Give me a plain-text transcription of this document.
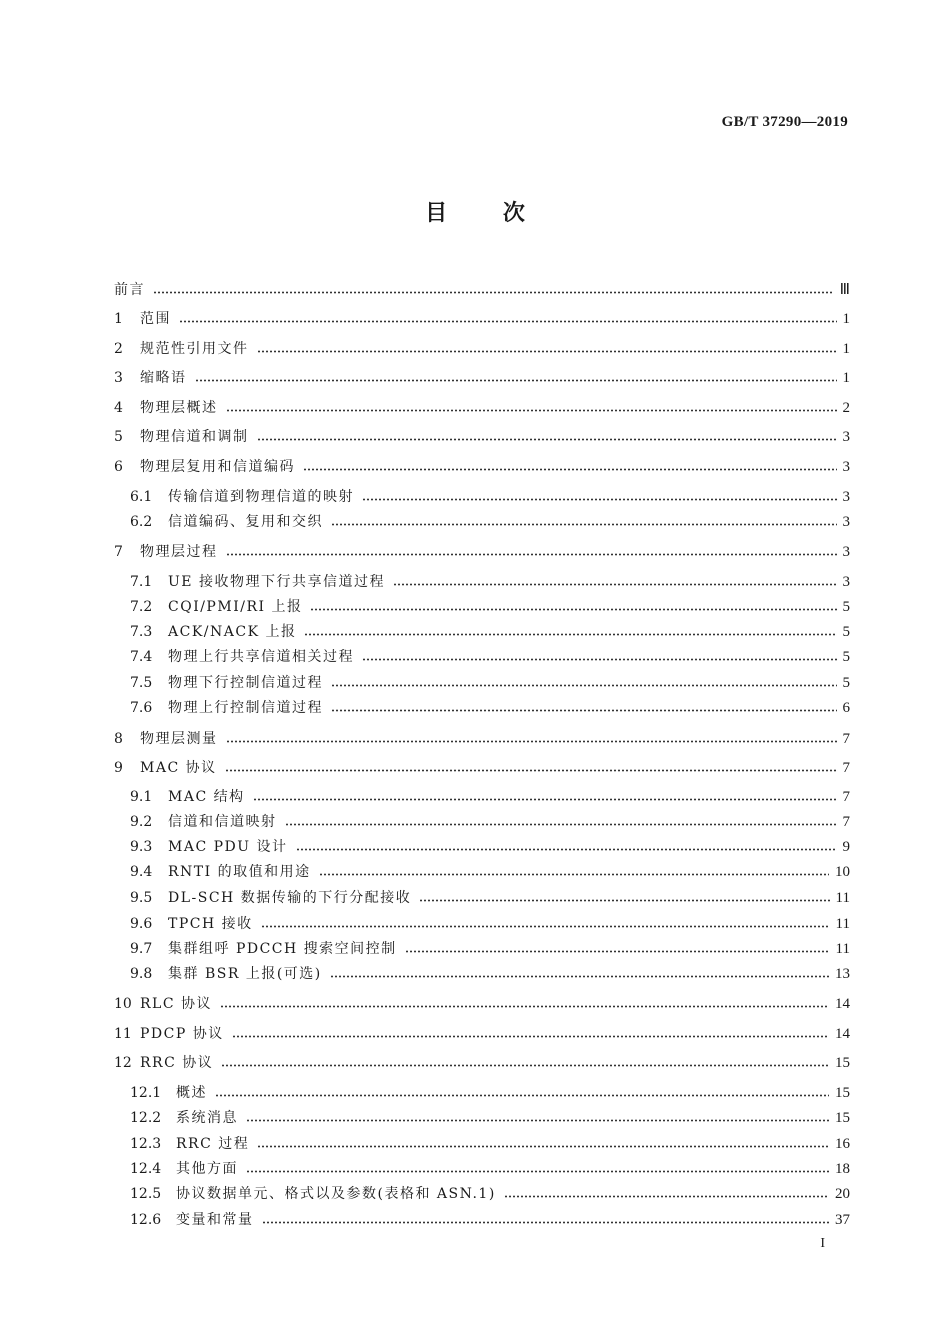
GB/T 37290—2019
目 次
前言	Ⅲ
1	范围	1
2	规范性引用文件	1
3	缩略语	1
4	物理层概述	2
5	物理信道和调制	3
6	物理层复用和信道编码	3
6.1	传输信道到物理信道的映射	3
6.2	信道编码、复用和交织	3
7	物理层过程	3
7.1	UE 接收物理下行共享信道过程	3
7.2	CQI/PMI/RI 上报	5
7.3	ACK/NACK 上报	5
7.4	物理上行共享信道相关过程	5
7.5	物理下行控制信道过程	5
7.6	物理上行控制信道过程	6
8	物理层测量	7
9	MAC 协议	7
9.1	MAC 结构	7
9.2	信道和信道映射	7
9.3	MAC PDU 设计	9
9.4	RNTI 的取值和用途	10
9.5	DL-SCH 数据传输的下行分配接收	11
9.6	TPCH 接收	11
9.7	集群组呼 PDCCH 搜索空间控制	11
9.8	集群 BSR 上报(可选)	13
10 RLC 协议	14
11 PDCP 协议	14
12 RRC 协议	15
12.1	概述	15
12.2	系统消息	15
12.3	RRC 过程	16
12.4	其他方面	18
12.5	协议数据单元、格式以及参数(表格和 ASN.1)	20
12.6	变量和常量	37
I
